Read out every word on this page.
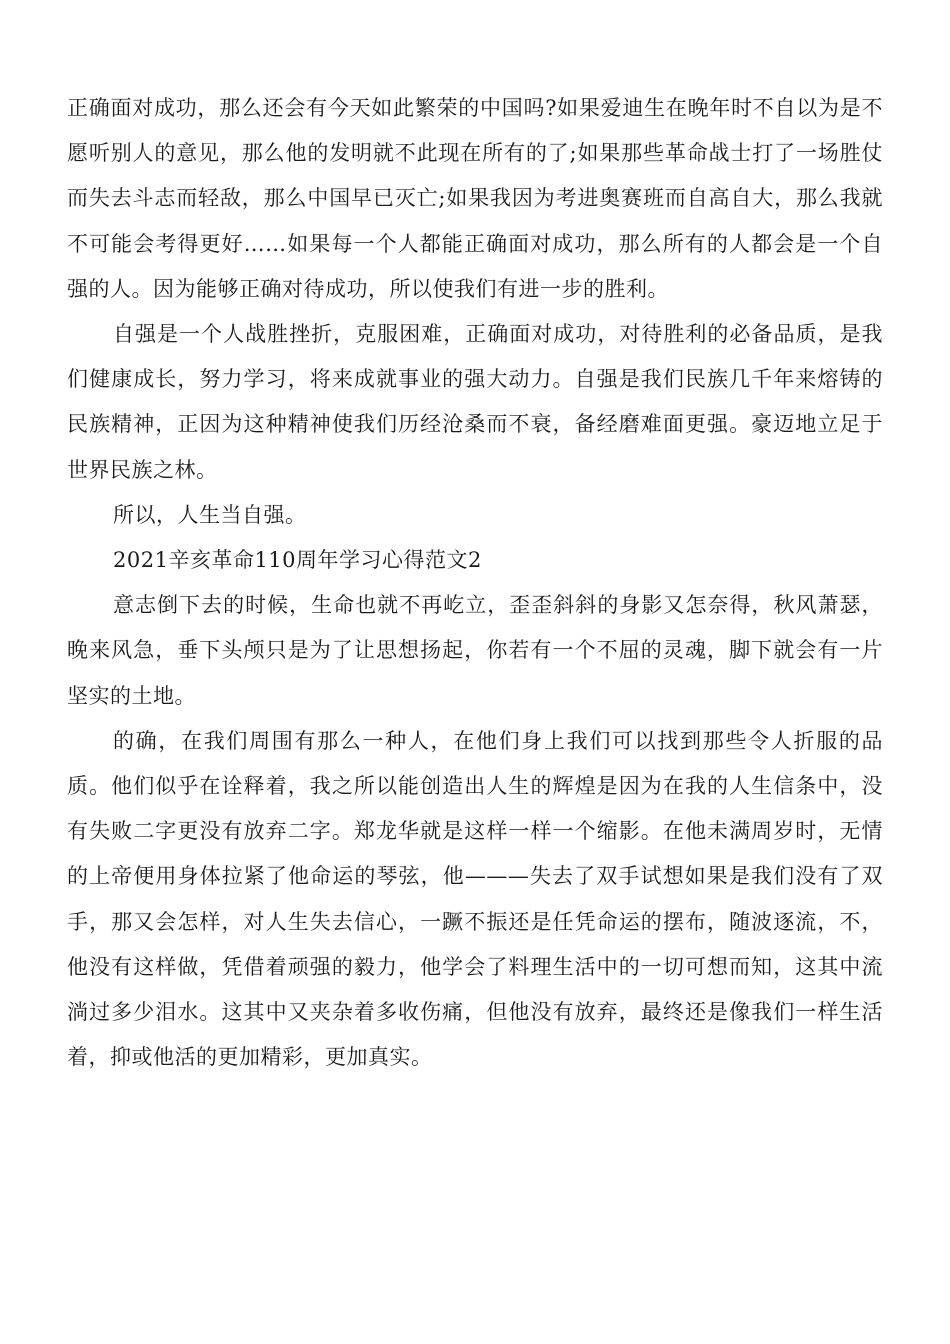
正确面对成功，那么还会有今天如此繁荣的中国吗?如果爱迪生在晚年时不自以为是不愿听别人的意见，那么他的发明就不此现在所有的了;如果那些革命战士打了一场胜仗而失去斗志而轻敌，那么中国早已灭亡;如果我因为考进奥赛班而自高自大，那么我就不可能会考得更好……如果每一个人都能正确面对成功，那么所有的人都会是一个自强的人。因为能够正确对待成功，所以使我们有进一步的胜利。

自强是一个人战胜挫折，克服困难，正确面对成功，对待胜利的必备品质，是我们健康成长，努力学习，将来成就事业的强大动力。自强是我们民族几千年来熔铸的民族精神，正因为这种精神使我们历经沧桑而不衰，备经磨难面更强。豪迈地立足于世界民族之林。

所以，人生当自强。

2021辛亥革命110周年学习心得范文2

意志倒下去的时候，生命也就不再屹立，歪歪斜斜的身影又怎奈得，秋风萧瑟，晚来风急，垂下头颅只是为了让思想扬起，你若有一个不屈的灵魂，脚下就会有一片坚实的土地。

的确，在我们周围有那么一种人，在他们身上我们可以找到那些令人折服的品质。他们似乎在诠释着，我之所以能创造出人生的辉煌是因为在我的人生信条中，没有失败二字更没有放弃二字。郑龙华就是这样一样一个缩影。在他未满周岁时，无情的上帝便用身体拉紧了他命运的琴弦，他———失去了双手试想如果是我们没有了双手，那又会怎样，对人生失去信心，一蹶不振还是任凭命运的摆布，随波逐流，不，他没有这样做，凭借着顽强的毅力，他学会了料理生活中的一切可想而知，这其中流淌过多少泪水。这其中又夹杂着多收伤痛，但他没有放弃，最终还是像我们一样生活着，抑或他活的更加精彩，更加真实。
